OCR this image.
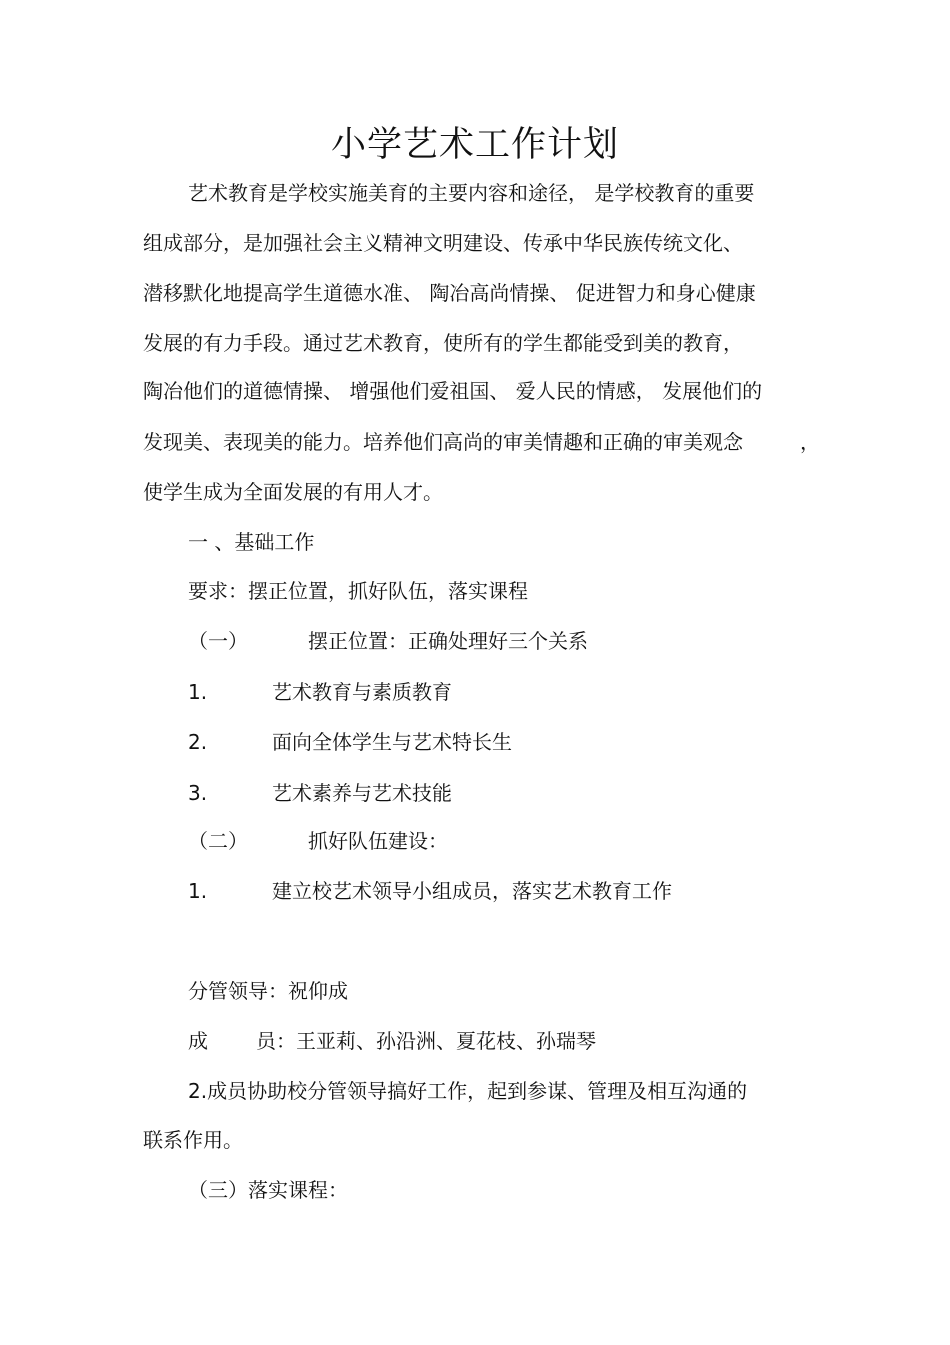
小学艺术工作计划
艺术教育是学校实施美育的主要内容和途径， 是学校教育的重要
组成部分，是加强社会主义精神文明建设、传承中华民族传统文化、
潜移默化地提高学生道德水准、 陶冶高尚情操、 促进智力和身心健康
发展的有力手段。通过艺术教育，使所有的学生都能受到美的教育，
陶冶他们的道德情操、 增强他们爱祖国、 爱人民的情感， 发展他们的
发现美、表现美的能力。培养他们高尚的审美情趣和正确的审美观念	，
使学生成为全面发展的有用人才。
一 、基础工作
要求：摆正位置，抓好队伍，落实课程
（一）	摆正位置：正确处理好三个关系
1.	艺术教育与素质教育
2.	面向全体学生与艺术特长生
3.	艺术素养与艺术技能
（二）	抓好队伍建设：
1.	建立校艺术领导小组成员，落实艺术教育工作
分管领导：祝仰成
成 员：王亚莉、孙沿洲、夏花枝、孙瑞琴
2.成员协助校分管领导搞好工作，起到参谋、管理及相互沟通的
联系作用。
（三）落实课程：
